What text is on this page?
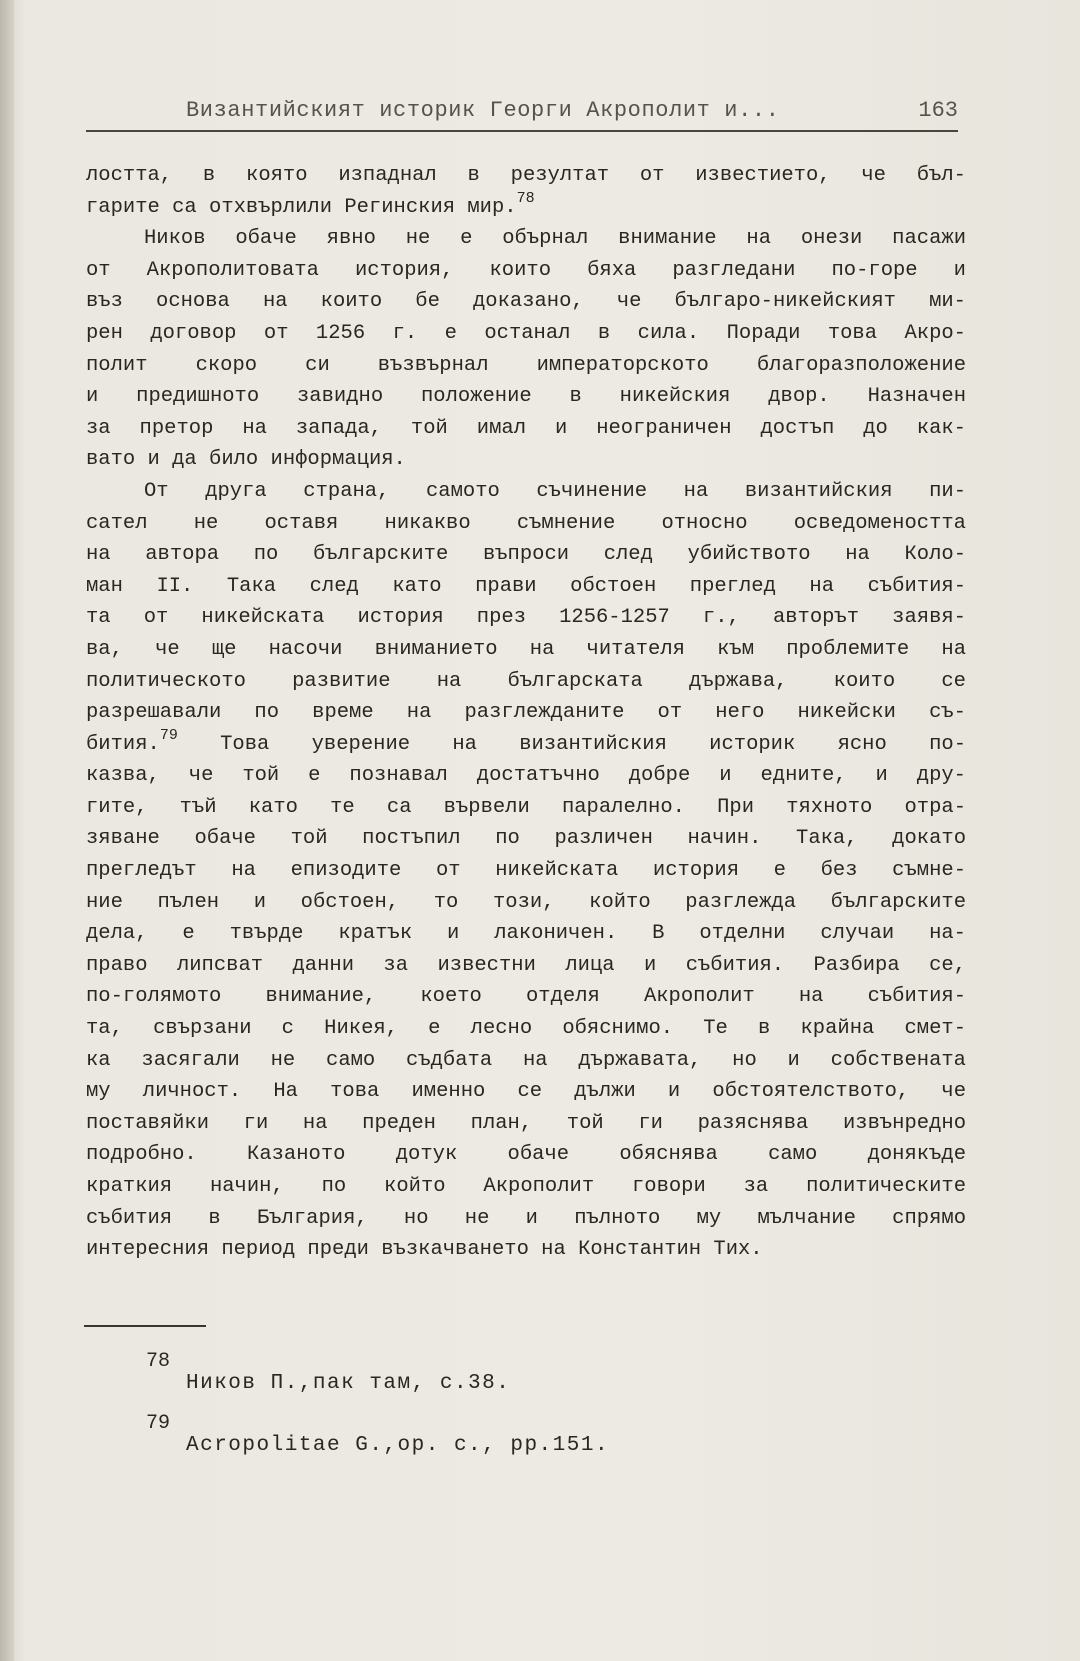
Византийският историк Георги Акрополит и...	163
лостта, в която изпаднал в резултат от известието, че бъл-
гарите са отхвърлили Регинския мир.$^{78}$
Ников обаче явно не е обърнал внимание на онези пасажи
от Акрополитовата история, които бяха разгледани по-горе и
въз основа на които бе доказано, че българо-никейският ми-
рен договор от 1256 г. е останал в сила. Поради това Акро-
полит скоро си възвърнал императорското благоразположение
и предишното завидно положение в никейския двор. Назначен
за претор на запада, той имал и неограничен достъп до как-
вато и да било информация.
От друга страна, самото съчинение на византийския пи-
сател не оставя никакво съмнение относно осведомеността
на автора по българските въпроси след убийството на Коло-
ман II. Така след като прави обстоен преглед на събития-
та от никейската история през 1256-1257 г., авторът заявя-
ва, че ще насочи вниманието на читателя към проблемите на
политическото развитие на българската държава, които се
разрешавали по време на разглежданите от него никейски съ-
бития.$^{79}$ Това уверение на византийския историк ясно по-
казва, че той е познавал достатъчно добре и едните, и дру-
гите, тъй като те са вървели паралелно. При тяхното отра-
зяване обаче той постъпил по различен начин. Така, докато
прегледът на епизодите от никейската история е без съмне-
ние пълен и обстоен, то този, който разглежда българските
дела, е твърде кратък и лаконичен. В отделни случаи на-
право липсват данни за известни лица и събития. Разбира се,
по-голямото внимание, което отделя Акрополит на събития-
та, свързани с Никея, е лесно обяснимо. Те в крайна смет-
ка засягали не само съдбата на държавата, но и собствената
му личност. На това именно се дължи и обстоятелството, че
поставяйки ги на преден план, той ги разяснява извънредно
подробно. Казаното дотук обаче обяснява само донякъде
краткия начин, по който Акрополит говори за политическите
събития в България, но не и пълното му мълчание спрямо
интересния период преди възкачването на Константин Тих.
78
Ников П.,пак там, с.38.
79
Acropolitae G.,op. c., pp.151.
